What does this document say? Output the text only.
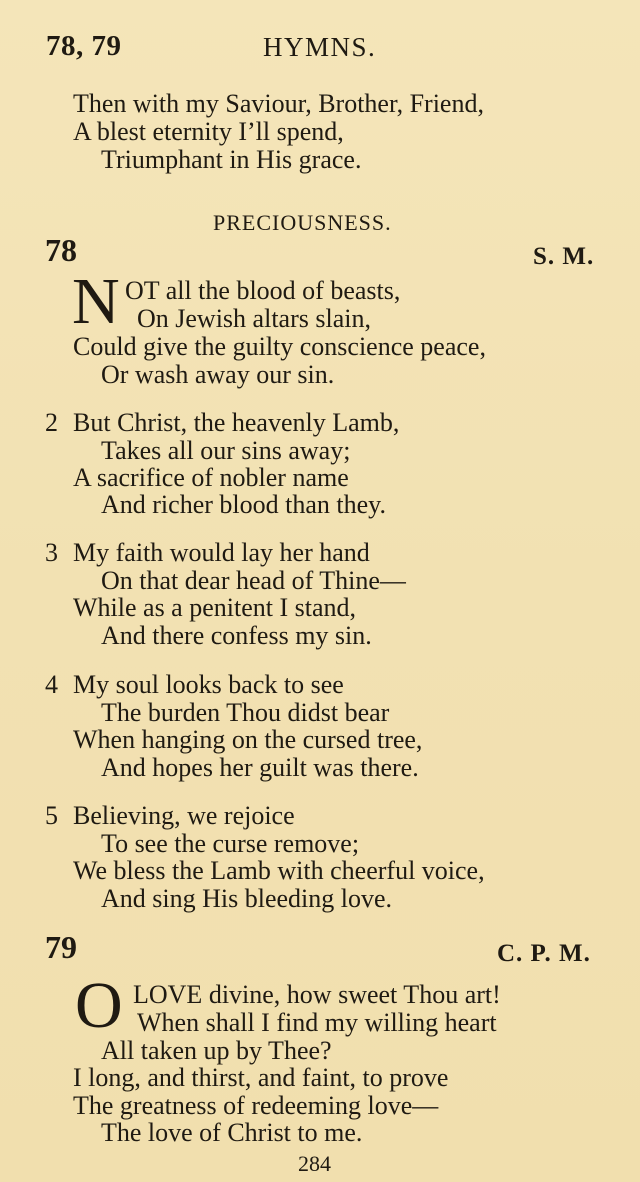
78, 79	HYMNS.
Then with my Saviour, Brother, Friend,
A blest eternity I’ll spend,
Triumphant in His grace.
PRECIOUSNESS.
78	S. M.
N OT all the blood of beasts,
On Jewish altars slain,
Could give the guilty conscience peace,
Or wash away our sin.
2 But Christ, the heavenly Lamb,
Takes all our sins away;
A sacrifice of nobler name
And richer blood than they.
3 My faith would lay her hand
On that dear head of Thine—
While as a penitent I stand,
And there confess my sin.
4 My soul looks back to see
The burden Thou didst bear
When hanging on the cursed tree,
And hopes her guilt was there.
5 Believing, we rejoice
To see the curse remove;
We bless the Lamb with cheerful voice,
And sing His bleeding love.
79	C. P. M.
O LOVE divine, how sweet Thou art!
When shall I find my willing heart
All taken up by Thee?
I long, and thirst, and faint, to prove
The greatness of redeeming love—
The love of Christ to me.
284
